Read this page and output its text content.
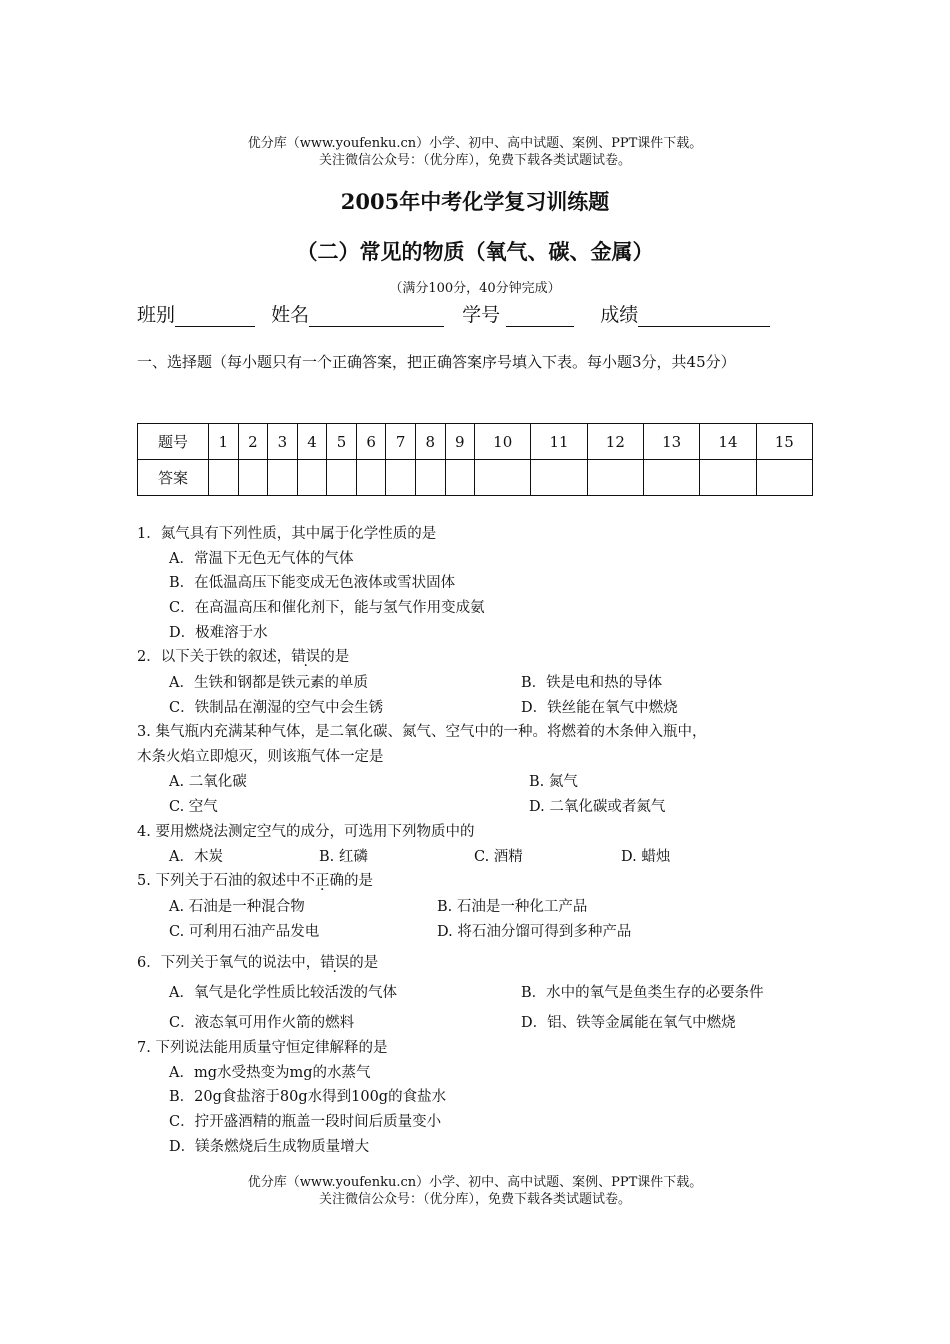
优分库（www.youfenku.cn）小学、初中、高中试题、案例、PPT课件下载。
关注微信公众号：（优分库），免费下载各类试题试卷。
2005年中考化学复习训练题
（二）常见的物质（氧气、碳、金属）
（满分100分，40分钟完成）
班别	姓名	学号	成绩
一、选择题（每小题只有一个正确答案，把正确答案序号填入下表。每小题3分，共45分）
题号	1	2	3	4	5	6	7	8	9	10	11	12	13	14	15
答案															
1．氮气具有下列性质，其中属于化学性质的是
A．常温下无色无气体的气体
B．在低温高压下能变成无色液体或雪状固体
C．在高温高压和催化剂下，能与氢气作用变成氨
D．极难溶于水
2．以下关于铁的叙述，错误的是
A．生铁和钢都是铁元素的单质	B．铁是电和热的导体
C．铁制品在潮湿的空气中会生锈	D．铁丝能在氧气中燃烧
3. 集气瓶内充满某种气体，是二氧化碳、氮气、空气中的一种。将燃着的木条伸入瓶中，
木条火焰立即熄灭，则该瓶气体一定是
A. 二氧化碳	B. 氮气
C. 空气	D. 二氧化碳或者氮气
4. 要用燃烧法测定空气的成分，可选用下列物质中的
A．木炭	B. 红磷	C. 酒精	D. 蜡烛
5. 下列关于石油的叙述中不正确的是
A. 石油是一种混合物	B. 石油是一种化工产品
C. 可利用石油产品发电	D. 将石油分馏可得到多种产品
6．下列关于氧气的说法中，错误的是
A．氧气是化学性质比较活泼的气体	B．水中的氧气是鱼类生存的必要条件
C．液态氧可用作火箭的燃料	D．铝、铁等金属能在氧气中燃烧
7. 下列说法能用质量守恒定律解释的是
A．mg水受热变为mg的水蒸气
B．20g食盐溶于80g水得到100g的食盐水
C．拧开盛酒精的瓶盖一段时间后质量变小
D．镁条燃烧后生成物质量增大
优分库（www.youfenku.cn）小学、初中、高中试题、案例、PPT课件下载。
关注微信公众号：（优分库），免费下载各类试题试卷。
